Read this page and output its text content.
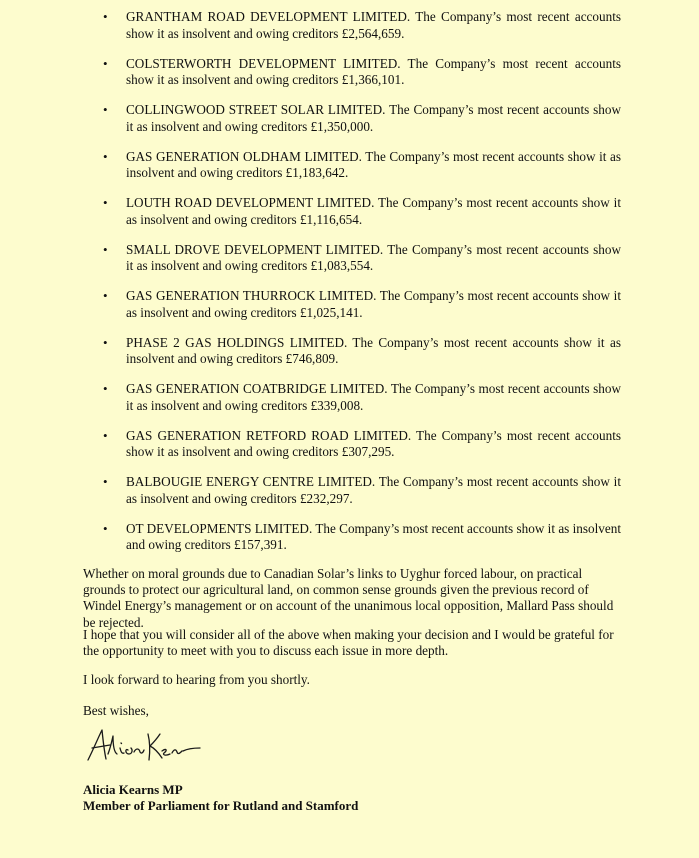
• GRANTHAM ROAD DEVELOPMENT LIMITED. The Company’s most recent accounts show it as insolvent and owing creditors £2,564,659.
• COLSTERWORTH DEVELOPMENT LIMITED. The Company’s most recent accounts show it as insolvent and owing creditors £1,366,101.
• COLLINGWOOD STREET SOLAR LIMITED. The Company’s most recent accounts show it as insolvent and owing creditors £1,350,000.
• GAS GENERATION OLDHAM LIMITED. The Company’s most recent accounts show it as insolvent and owing creditors £1,183,642.
• LOUTH ROAD DEVELOPMENT LIMITED. The Company’s most recent accounts show it as insolvent and owing creditors £1,116,654.
• SMALL DROVE DEVELOPMENT LIMITED. The Company’s most recent accounts show it as insolvent and owing creditors £1,083,554.
• GAS GENERATION THURROCK LIMITED. The Company’s most recent accounts show it as insolvent and owing creditors £1,025,141.
• PHASE 2 GAS HOLDINGS LIMITED. The Company’s most recent accounts show it as insolvent and owing creditors £746,809.
• GAS GENERATION COATBRIDGE LIMITED. The Company’s most recent accounts show it as insolvent and owing creditors £339,008.
• GAS GENERATION RETFORD ROAD LIMITED. The Company’s most recent accounts show it as insolvent and owing creditors £307,295.
• BALBOUGIE ENERGY CENTRE LIMITED. The Company’s most recent accounts show it as insolvent and owing creditors £232,297.
• OT DEVELOPMENTS LIMITED. The Company’s most recent accounts show it as insolvent and owing creditors £157,391.
Whether on moral grounds due to Canadian Solar’s links to Uyghur forced labour, on practical grounds to protect our agricultural land, on common sense grounds given the previous record of Windel Energy’s management or on account of the unanimous local opposition, Mallard Pass should be rejected.
I hope that you will consider all of the above when making your decision and I would be grateful for the opportunity to meet with you to discuss each issue in more depth.
I look forward to hearing from you shortly.
Best wishes,
Alicia Kearns MP
Member of Parliament for Rutland and Stamford
